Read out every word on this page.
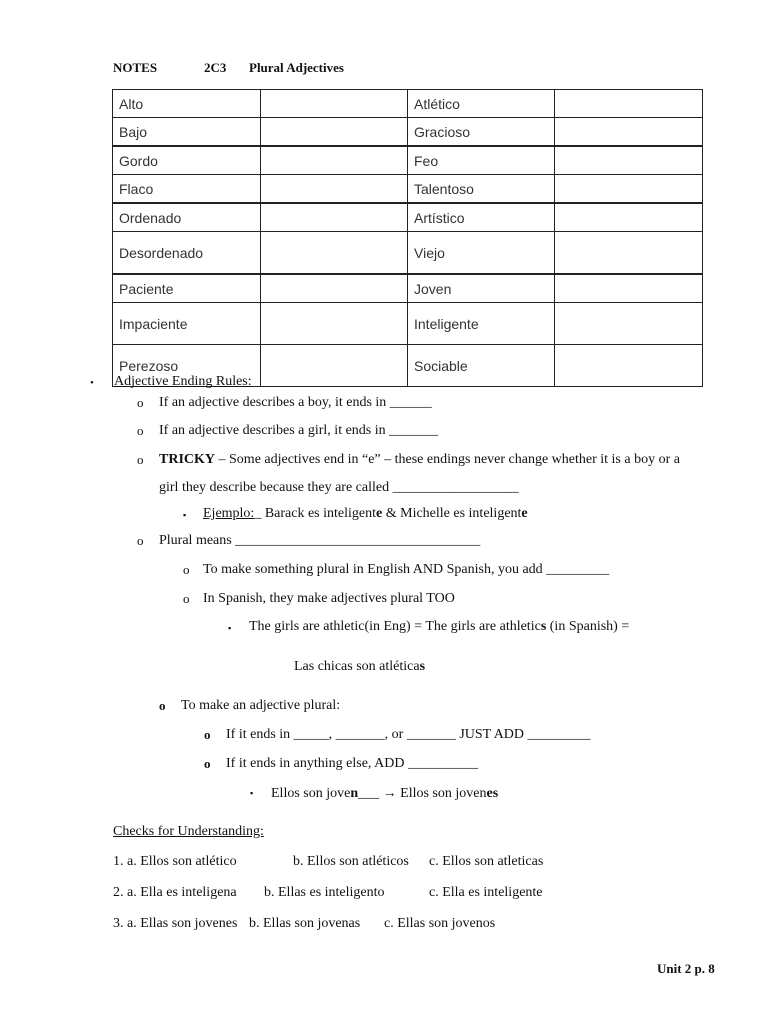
NOTES	2C3 Plural Adjectives
Alto		Atlético	
Bajo		Gracioso	
Gordo		Feo	
Flaco		Talentoso	
Ordenado		Artístico	
Desordenado		Viejo	
Paciente		Joven	
Impaciente		Inteligente	
Perezoso		Sociable	
• Adjective Ending Rules:
o If an adjective describes a boy, it ends in ______
o If an adjective describes a girl, it ends in _______
o TRICKY – Some adjectives end in “e” – these endings never change whether it is a boy or a
girl they describe because they are called __________________
▪ Ejemplo:_ Barack es inteligente & Michelle es inteligente
o Plural means ___________________________________
o To make something plural in English AND Spanish, you add _________
o In Spanish, they make adjectives plural TOO
▪ The girls are athletic(in Eng) = The girls are athletics (in Spanish) =
Las chicas son atléticas
o To make an adjective plural:
o If it ends in _____, _______, or _______ JUST ADD _________
o If it ends in anything else, ADD __________
▪ Ellos son joven___ → Ellos son jovenes
Checks for Understanding:
1. a. Ellos son atlético	b. Ellos son atléticos c. Ellos son atleticas
2. a. Ella es inteligena b. Ellas es inteligento	c. Ella es inteligente
3. a. Ellas son jovenes b. Ellas son jovenas c. Ellas son jovenos
Unit 2 p. 8
